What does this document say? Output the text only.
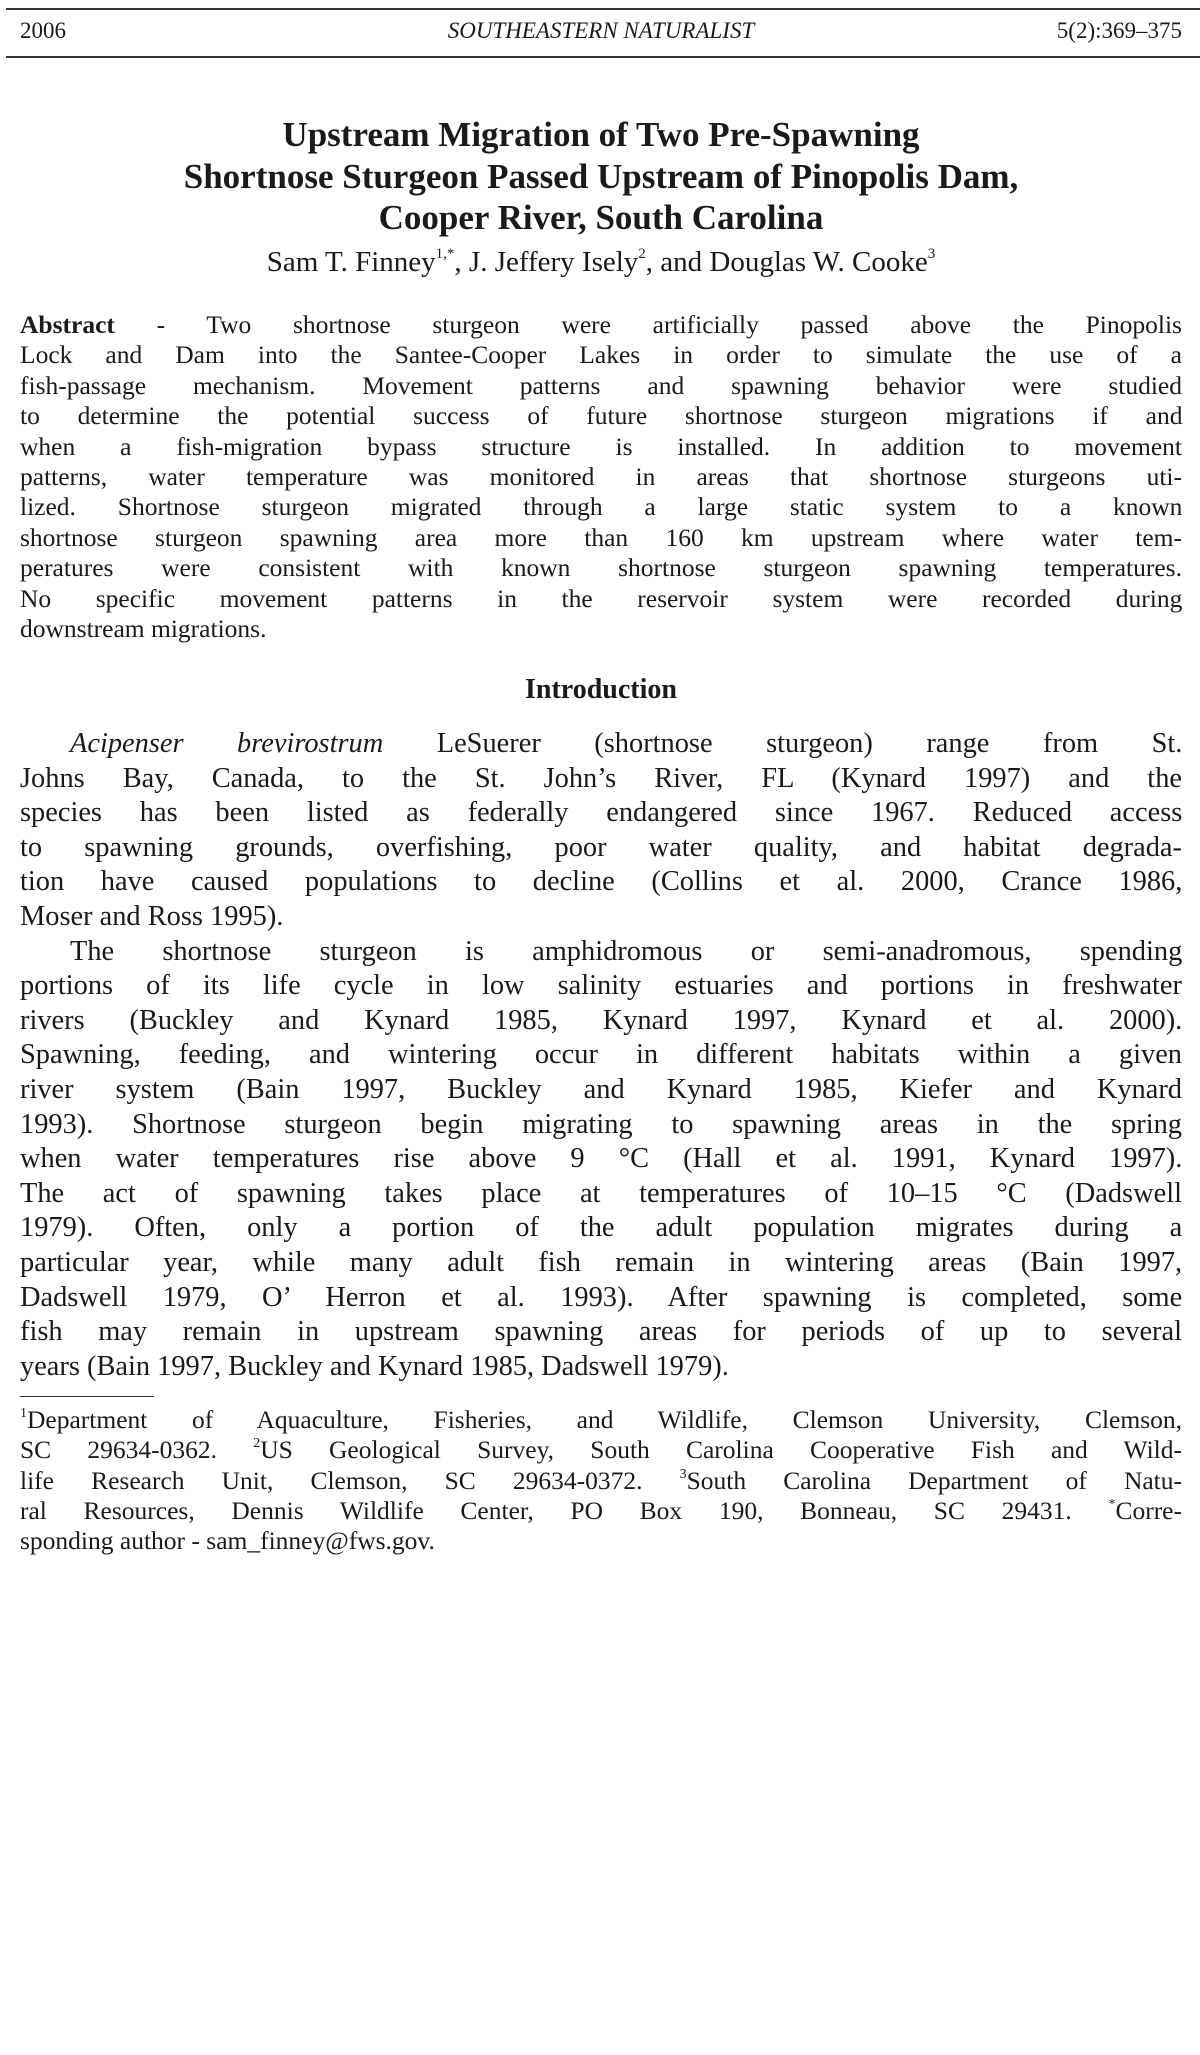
2006	SOUTHEASTERN NATURALIST	5(2):369–375
Upstream Migration of Two Pre-Spawning
Shortnose Sturgeon Passed Upstream of Pinopolis Dam,
Cooper River, South Carolina
Sam T. Finney$^{1,*}$, J. Jeffery Isely$^2$, and Douglas W. Cooke$^3$
Abstract - Two shortnose sturgeon were artificially passed above the Pinopolis
Lock and Dam into the Santee-Cooper Lakes in order to simulate the use of a
fish-passage mechanism. Movement patterns and spawning behavior were studied
to determine the potential success of future shortnose sturgeon migrations if and
when a fish-migration bypass structure is installed. In addition to movement
patterns, water temperature was monitored in areas that shortnose sturgeons uti-
lized. Shortnose sturgeon migrated through a large static system to a known
shortnose sturgeon spawning area more than 160 km upstream where water tem-
peratures were consistent with known shortnose sturgeon spawning temperatures.
No specific movement patterns in the reservoir system were recorded during
downstream migrations.
Introduction
Acipenser brevirostrum LeSuerer (shortnose sturgeon) range from St.
Johns Bay, Canada, to the St. John’s River, FL (Kynard 1997) and the
species has been listed as federally endangered since 1967. Reduced access
to spawning grounds, overfishing, poor water quality, and habitat degrada-
tion have caused populations to decline (Collins et al. 2000, Crance 1986,
Moser and Ross 1995).
The shortnose sturgeon is amphidromous or semi-anadromous, spending
portions of its life cycle in low salinity estuaries and portions in freshwater
rivers (Buckley and Kynard 1985, Kynard 1997, Kynard et al. 2000).
Spawning, feeding, and wintering occur in different habitats within a given
river system (Bain 1997, Buckley and Kynard 1985, Kiefer and Kynard
1993). Shortnose sturgeon begin migrating to spawning areas in the spring
when water temperatures rise above 9 °C (Hall et al. 1991, Kynard 1997).
The act of spawning takes place at temperatures of 10–15 °C (Dadswell
1979). Often, only a portion of the adult population migrates during a
particular year, while many adult fish remain in wintering areas (Bain 1997,
Dadswell 1979, O’ Herron et al. 1993). After spawning is completed, some
fish may remain in upstream spawning areas for periods of up to several
years (Bain 1997, Buckley and Kynard 1985, Dadswell 1979).
$^1$Department of Aquaculture, Fisheries, and Wildlife, Clemson University, Clemson,
SC 29634-0362. $^2$US Geological Survey, South Carolina Cooperative Fish and Wild-
life Research Unit, Clemson, SC 29634-0372. $^3$South Carolina Department of Natu-
ral Resources, Dennis Wildlife Center, PO Box 190, Bonneau, SC 29431. *Corre-
sponding author - sam_finney@fws.gov.
